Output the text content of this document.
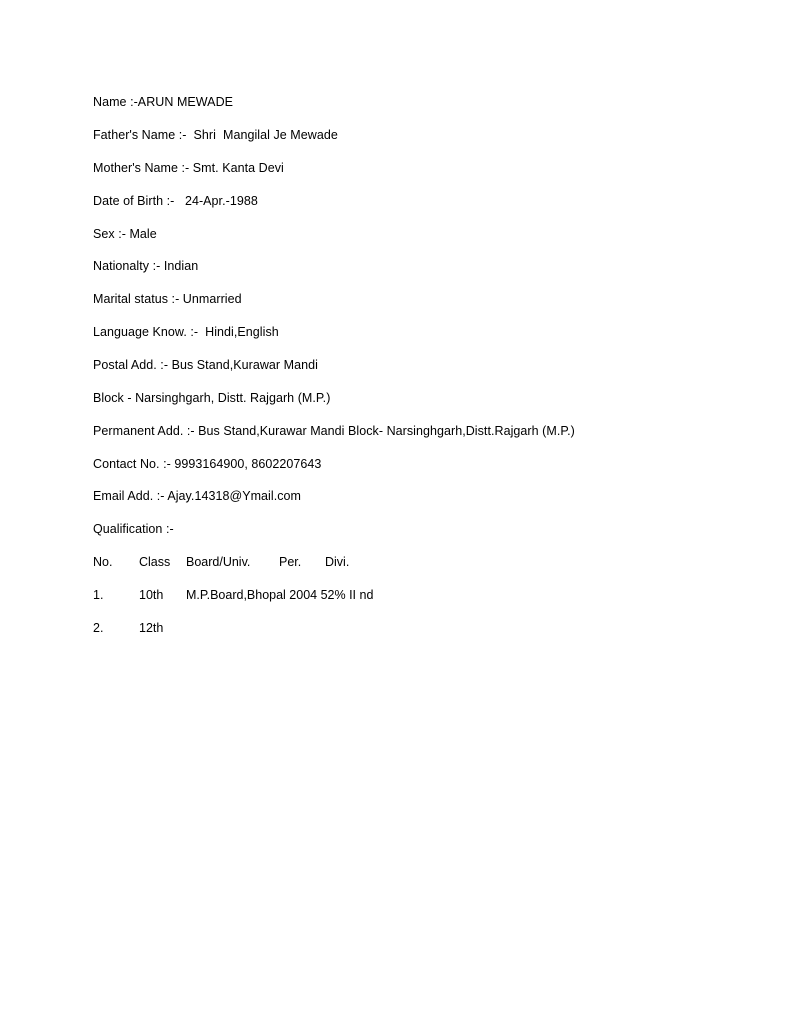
Name :-ARUN MEWADE
Father's Name :-  Shri  Mangilal Je Mewade
Mother's Name :- Smt. Kanta Devi
Date of Birth :-   24-Apr.-1988
Sex :- Male
Nationalty :- Indian
Marital status :- Unmarried
Language Know. :-  Hindi,English
Postal Add. :- Bus Stand,Kurawar Mandi
Block - Narsinghgarh, Distt. Rajgarh (M.P.)
Permanent Add. :- Bus Stand,Kurawar Mandi Block- Narsinghgarh,Distt.Rajgarh (M.P.)
Contact No. :- 9993164900, 8602207643
Email Add. :- Ajay.14318@Ymail.com
Qualification :-
No. Class Board/Univ. Per. Divi.
1.	10th M.P.Board,Bhopal 2004 52% II nd
2.	12th
